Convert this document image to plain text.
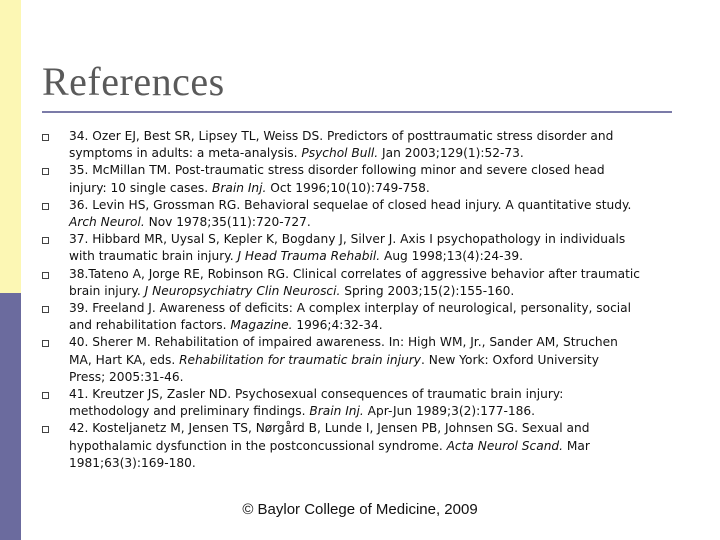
References
34. Ozer EJ, Best SR, Lipsey TL, Weiss DS. Predictors of posttraumatic stress disorder and
symptoms in adults: a meta-analysis. Psychol Bull. Jan 2003;129(1):52-73.
35. McMillan TM. Post-traumatic stress disorder following minor and severe closed head
injury: 10 single cases. Brain Inj. Oct 1996;10(10):749-758.
36. Levin HS, Grossman RG. Behavioral sequelae of closed head injury. A quantitative study.
Arch Neurol. Nov 1978;35(11):720-727.
37. Hibbard MR, Uysal S, Kepler K, Bogdany J, Silver J. Axis I psychopathology in individuals
with traumatic brain injury. J Head Trauma Rehabil. Aug 1998;13(4):24-39.
38.Tateno A, Jorge RE, Robinson RG. Clinical correlates of aggressive behavior after traumatic
brain injury. J Neuropsychiatry Clin Neurosci. Spring 2003;15(2):155-160.
39. Freeland J. Awareness of deficits: A complex interplay of neurological, personality, social
and rehabilitation factors. Magazine. 1996;4:32-34.
40. Sherer M. Rehabilitation of impaired awareness. In: High WM, Jr., Sander AM, Struchen
MA, Hart KA, eds. Rehabilitation for traumatic brain injury. New York: Oxford University
Press; 2005:31-46.
41. Kreutzer JS, Zasler ND. Psychosexual consequences of traumatic brain injury:
methodology and preliminary findings. Brain Inj. Apr-Jun 1989;3(2):177-186.
42. Kosteljanetz M, Jensen TS, Nørgård B, Lunde I, Jensen PB, Johnsen SG. Sexual and
hypothalamic dysfunction in the postconcussional syndrome. Acta Neurol Scand. Mar
1981;63(3):169-180.
© Baylor College of Medicine, 2009
